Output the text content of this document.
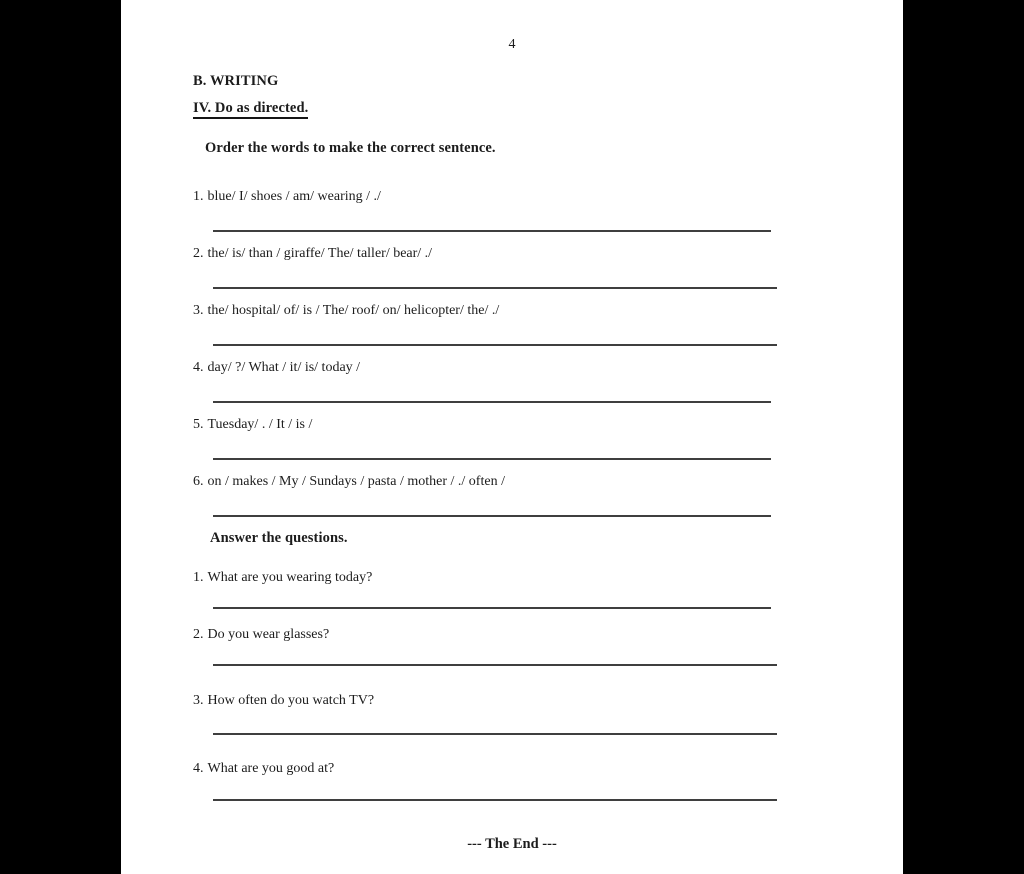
4
B. WRITING
IV. Do as directed.
Order the words to make the correct sentence.
1. blue/ I/ shoes / am/ wearing / ./
2. the/ is/ than / giraffe/ The/ taller/ bear/ ./
3. the/ hospital/ of/ is / The/ roof/ on/ helicopter/ the/ ./
4. day/ ?/ What / it/ is/ today /
5. Tuesday/ . / It / is /
6. on / makes / My / Sundays / pasta / mother / ./ often /
Answer the questions.
1. What are you wearing today?
2. Do you wear glasses?
3. How often do you watch TV?
4. What are you good at?
--- The End ---
